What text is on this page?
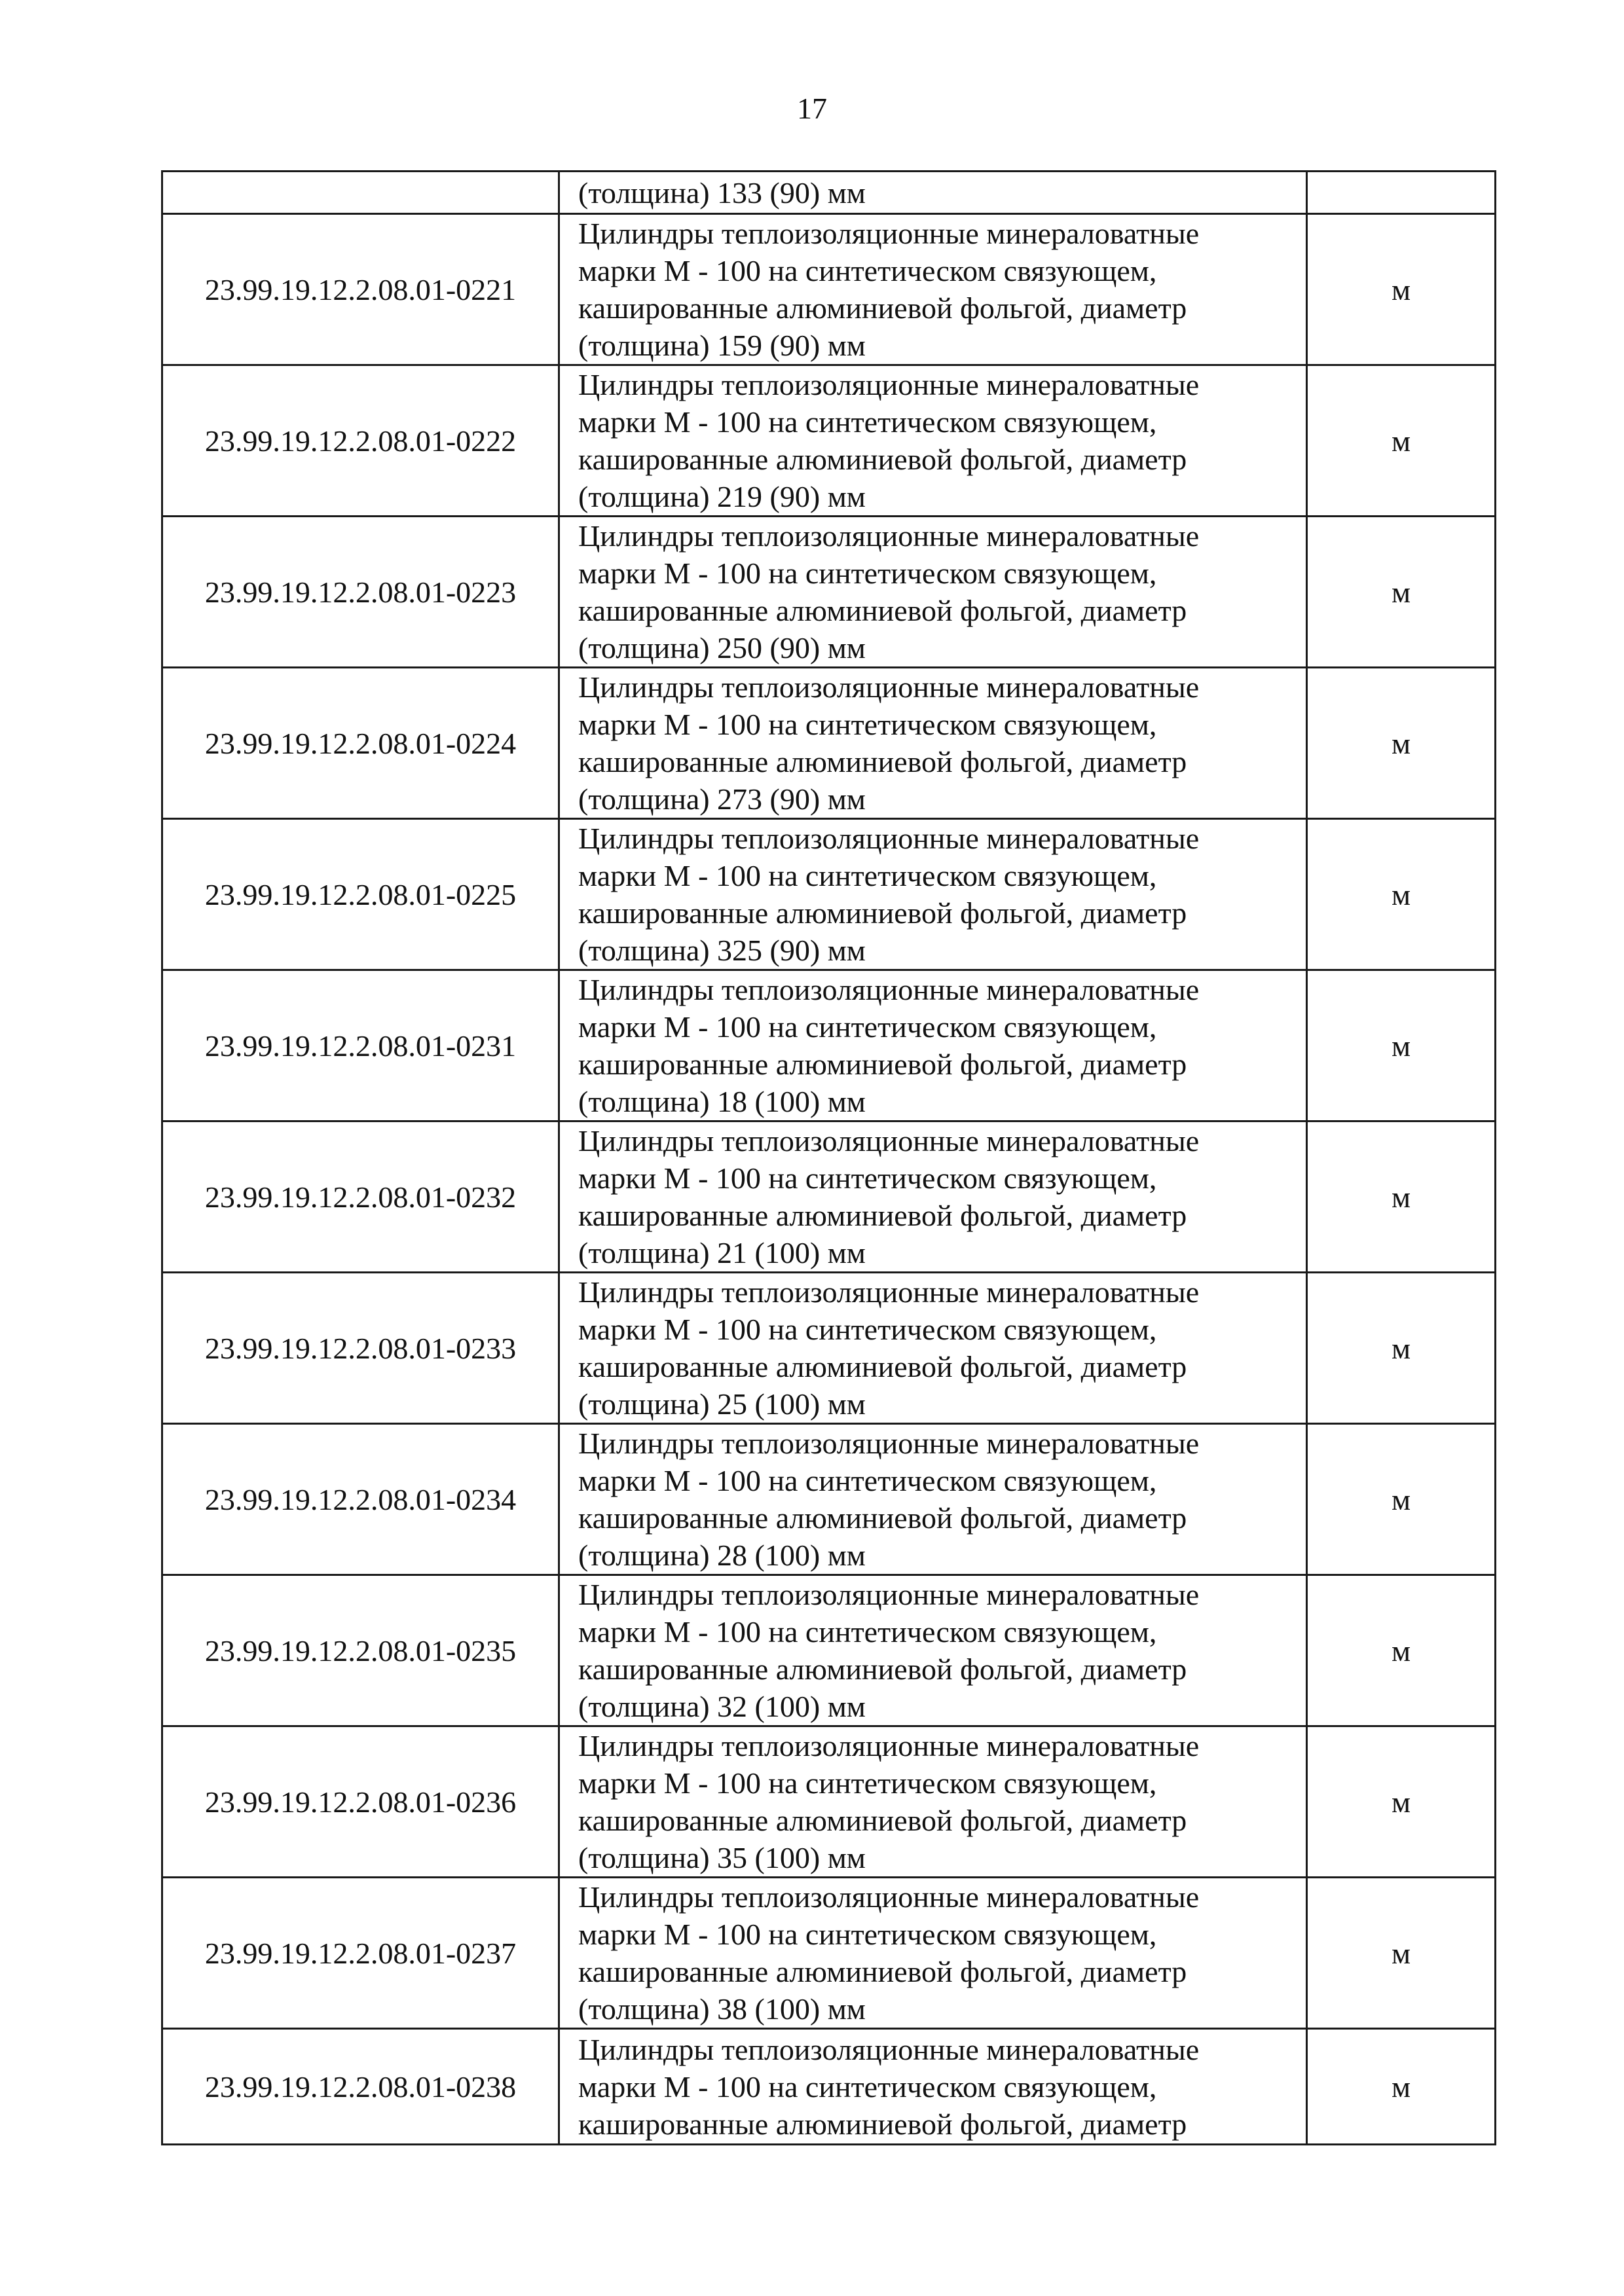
17

	(толщина) 133 (90) мм	

23.99.19.12.2.08.01-0221	Цилиндры теплоизоляционные минераловатные
марки М - 100 на синтетическом связующем,
кашированные алюминиевой фольгой, диаметр
(толщина) 159 (90) мм	м
23.99.19.12.2.08.01-0222	Цилиндры теплоизоляционные минераловатные
марки М - 100 на синтетическом связующем,
кашированные алюминиевой фольгой, диаметр
(толщина) 219 (90) мм	м
23.99.19.12.2.08.01-0223	Цилиндры теплоизоляционные минераловатные
марки М - 100 на синтетическом связующем,
кашированные алюминиевой фольгой, диаметр
(толщина) 250 (90) мм	м
23.99.19.12.2.08.01-0224	Цилиндры теплоизоляционные минераловатные
марки М - 100 на синтетическом связующем,
кашированные алюминиевой фольгой, диаметр
(толщина) 273 (90) мм	м
23.99.19.12.2.08.01-0225	Цилиндры теплоизоляционные минераловатные
марки М - 100 на синтетическом связующем,
кашированные алюминиевой фольгой, диаметр
(толщина) 325 (90) мм	м
23.99.19.12.2.08.01-0231	Цилиндры теплоизоляционные минераловатные
марки М - 100 на синтетическом связующем,
кашированные алюминиевой фольгой, диаметр
(толщина) 18 (100) мм	м
23.99.19.12.2.08.01-0232	Цилиндры теплоизоляционные минераловатные
марки М - 100 на синтетическом связующем,
кашированные алюминиевой фольгой, диаметр
(толщина) 21 (100) мм	м
23.99.19.12.2.08.01-0233	Цилиндры теплоизоляционные минераловатные
марки М - 100 на синтетическом связующем,
кашированные алюминиевой фольгой, диаметр
(толщина) 25 (100) мм	м
23.99.19.12.2.08.01-0234	Цилиндры теплоизоляционные минераловатные
марки М - 100 на синтетическом связующем,
кашированные алюминиевой фольгой, диаметр
(толщина) 28 (100) мм	м
23.99.19.12.2.08.01-0235	Цилиндры теплоизоляционные минераловатные
марки М - 100 на синтетическом связующем,
кашированные алюминиевой фольгой, диаметр
(толщина) 32 (100) мм	м
23.99.19.12.2.08.01-0236	Цилиндры теплоизоляционные минераловатные
марки М - 100 на синтетическом связующем,
кашированные алюминиевой фольгой, диаметр
(толщина) 35 (100) мм	м
23.99.19.12.2.08.01-0237	Цилиндры теплоизоляционные минераловатные
марки М - 100 на синтетическом связующем,
кашированные алюминиевой фольгой, диаметр
(толщина) 38 (100) мм	м
23.99.19.12.2.08.01-0238	Цилиндры теплоизоляционные минераловатные
марки М - 100 на синтетическом связующем,
кашированные алюминиевой фольгой, диаметр	м
